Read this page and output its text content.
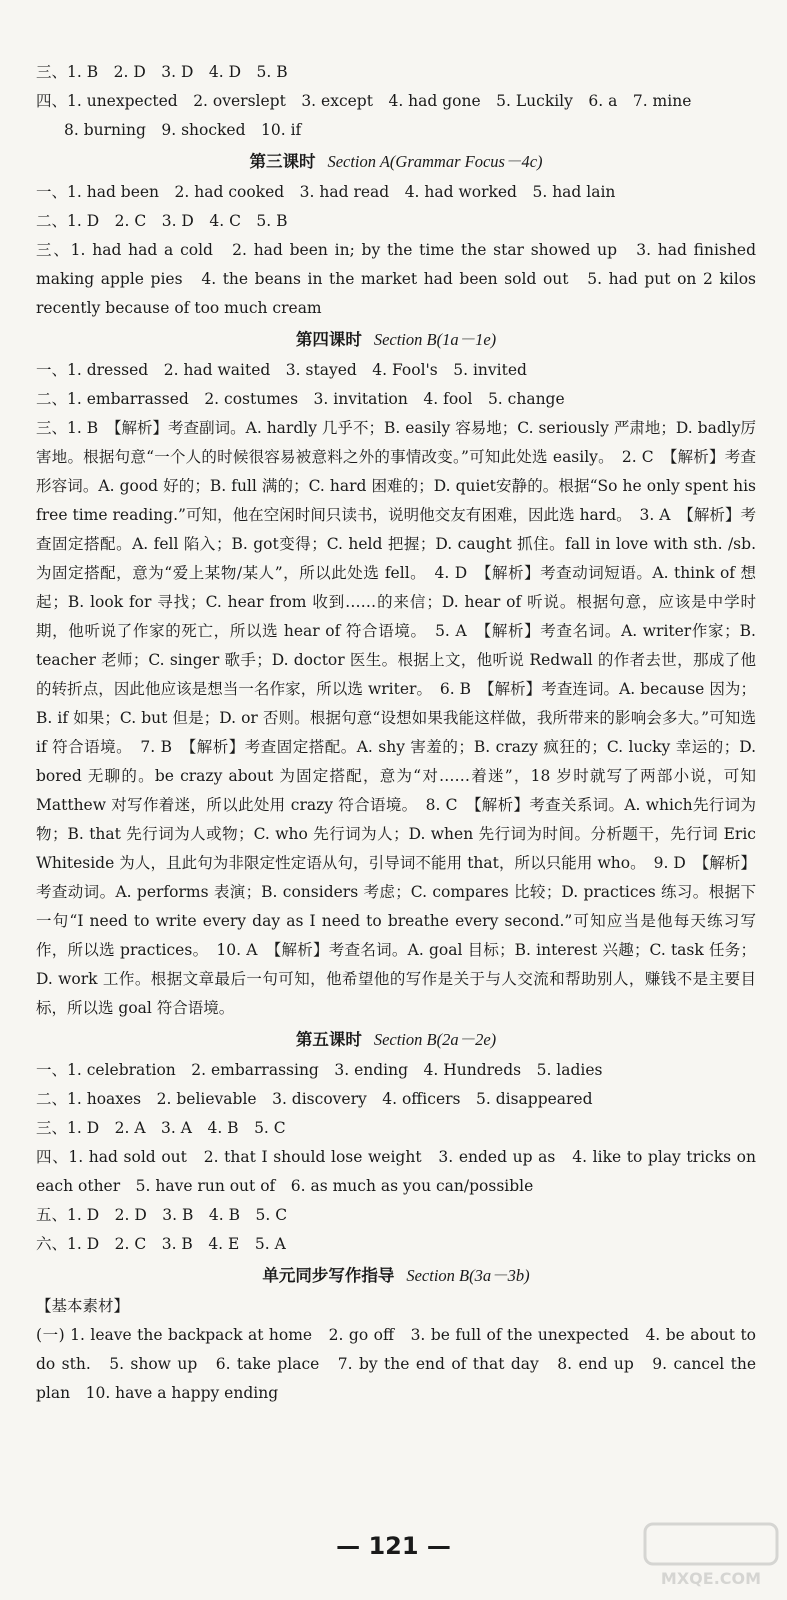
三、1. B　2. D　3. D　4. D　5. B
四、1. unexpected　2. overslept　3. except　4. had gone　5. Luckily　6. a　7. mine
8. burning　9. shocked　10. if
第三课时 Section A(Grammar Focus－4c)
一、1. had been　2. had cooked　3. had read　4. had worked　5. had lain
二、1. D　2. C　3. D　4. C　5. B
三、1. had had a cold　2. had been in; by the time the star showed up　3. had finished making apple pies　4. the beans in the market had been sold out　5. had put on 2 kilos recently because of too much cream
第四课时 Section B(1a－1e)
一、1. dressed　2. had waited　3. stayed　4. Fool's　5. invited
二、1. embarrassed　2. costumes　3. invitation　4. fool　5. change
三、1. B　【解析】考查副词。A. hardly 几乎不；B. easily 容易地；C. seriously 严肃地；D. badly厉害地。根据句意“一个人的时候很容易被意料之外的事情改变。”可知此处选 easily。　2. C　【解析】考查形容词。A. good 好的；B. full 满的；C. hard 困难的；D. quiet安静的。根据“So he only spent his free time reading.”可知，他在空闲时间只读书，说明他交友有困难，因此选 hard。　3. A　【解析】考查固定搭配。A. fell 陷入；B. got变得；C. held 把握；D. caught 抓住。fall in love with sth. /sb. 为固定搭配，意为“爱上某物/某人”，所以此处选 fell。　4. D　【解析】考查动词短语。A. think of 想起；B. look for 寻找；C. hear from 收到……的来信；D. hear of 听说。根据句意，应该是中学时期，他听说了作家的死亡，所以选 hear of 符合语境。　5. A　【解析】考查名词。A. writer作家；B. teacher 老师；C. singer 歌手；D. doctor 医生。根据上文，他听说 Redwall 的作者去世，那成了他的转折点，因此他应该是想当一名作家，所以选 writer。　6. B　【解析】考查连词。A. because 因为；B. if 如果；C. but 但是；D. or 否则。根据句意“设想如果我能这样做，我所带来的影响会多大。”可知选 if 符合语境。　7. B　【解析】考查固定搭配。A. shy 害羞的；B. crazy 疯狂的；C. lucky 幸运的；D. bored 无聊的。be crazy about 为固定搭配，意为“对……着迷”，18 岁时就写了两部小说，可知 Matthew 对写作着迷，所以此处用 crazy 符合语境。　8. C　【解析】考查关系词。A. which先行词为物；B. that 先行词为人或物；C. who 先行词为人；D. when 先行词为时间。分析题干，先行词 Eric Whiteside 为人，且此句为非限定性定语从句，引导词不能用 that，所以只能用 who。　9. D　【解析】考查动词。A. performs 表演；B. considers 考虑；C. compares 比较；D. practices 练习。根据下一句“I need to write every day as I need to breathe every second.”可知应当是他每天练习写作，所以选 practices。　10. A　【解析】考查名词。A. goal 目标；B. interest 兴趣；C. task 任务；D. work 工作。根据文章最后一句可知，他希望他的写作是关于与人交流和帮助别人，赚钱不是主要目标，所以选 goal 符合语境。
第五课时 Section B(2a－2e)
一、1. celebration　2. embarrassing　3. ending　4. Hundreds　5. ladies
二、1. hoaxes　2. believable　3. discovery　4. officers　5. disappeared
三、1. D　2. A　3. A　4. B　5. C
四、1. had sold out　2. that I should lose weight　3. ended up as　4. like to play tricks on each other　5. have run out of　6. as much as you can/possible
五、1. D　2. D　3. B　4. B　5. C
六、1. D　2. C　3. B　4. E　5. A
单元同步写作指导 Section B(3a－3b)
【基本素材】
(一) 1. leave the backpack at home　2. go off　3. be full of the unexpected　4. be about to do sth.　5. show up　6. take place　7. by the end of that day　8. end up　9. cancel the plan　10. have a happy ending
— 121 —
MXQE.COM
